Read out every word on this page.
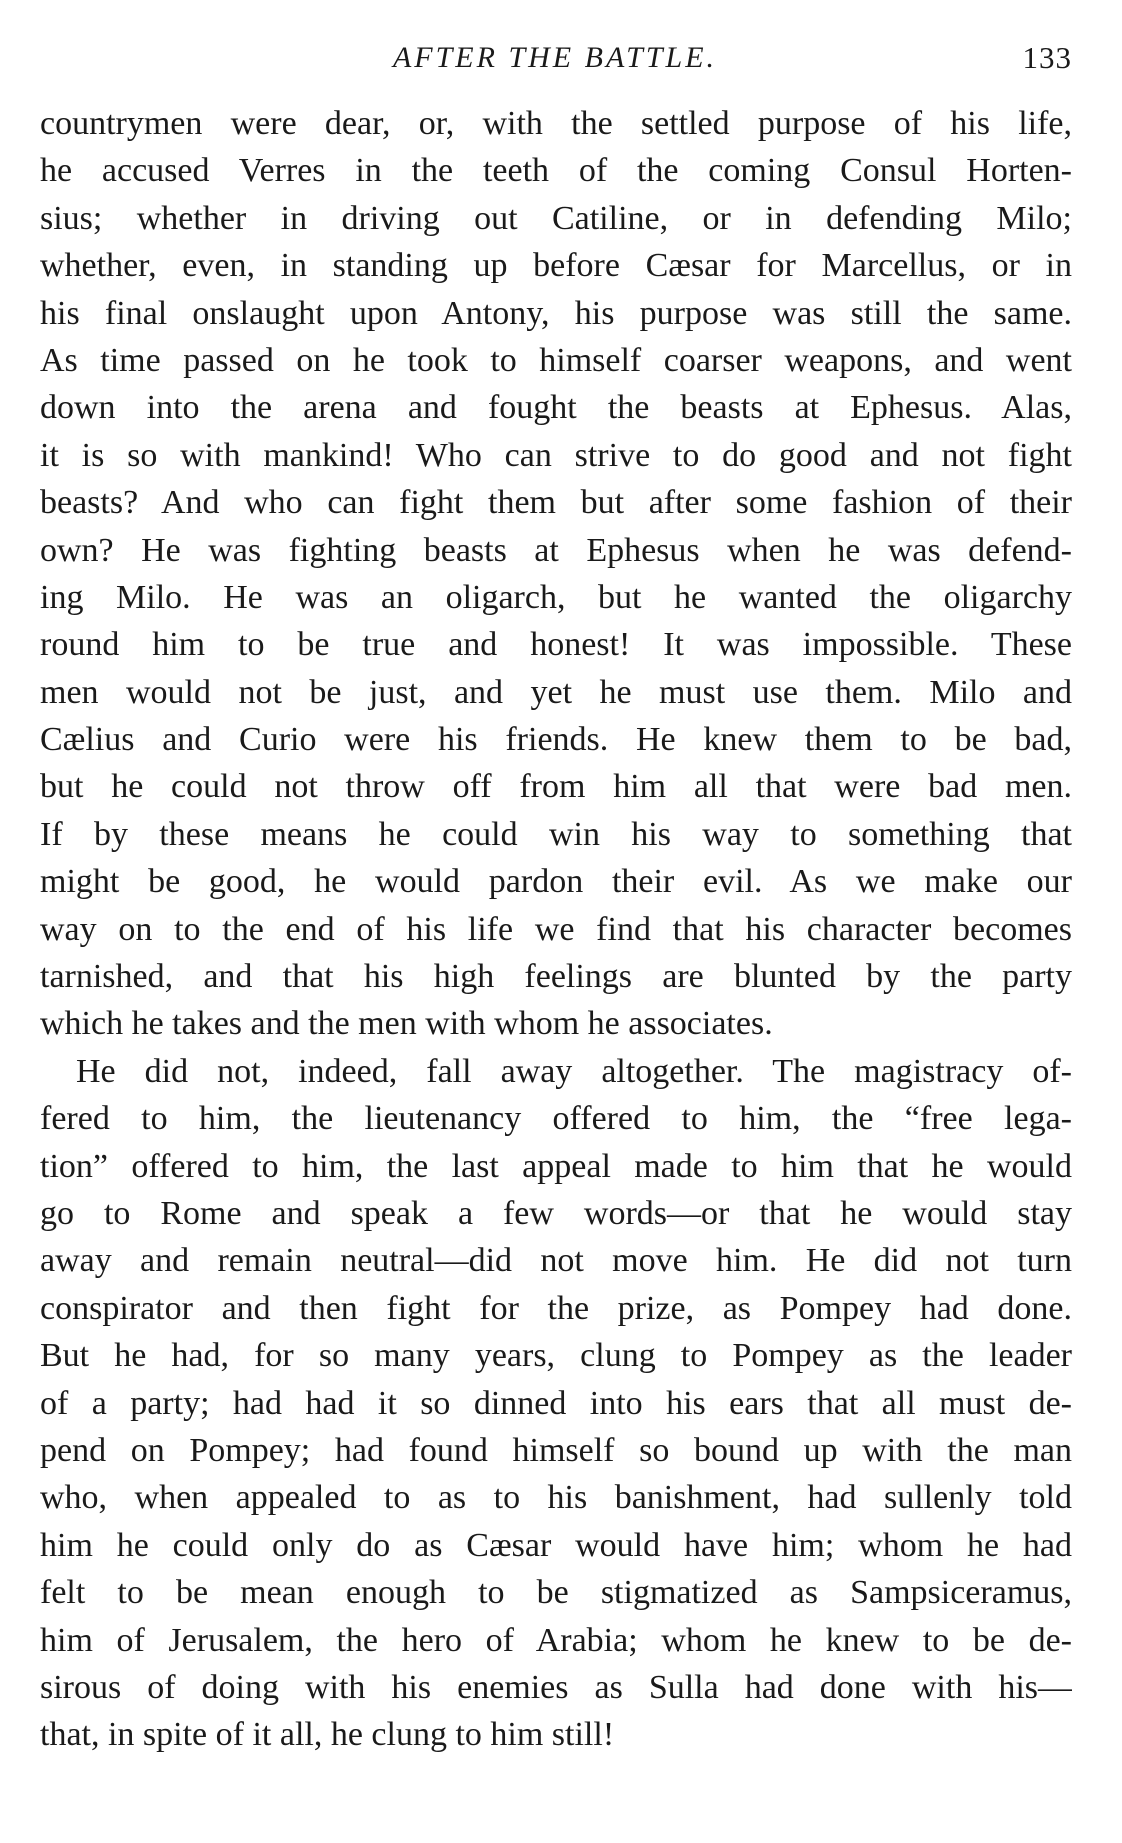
AFTER THE BATTLE.	133
countrymen were dear, or, with the settled purpose of his life,
he accused Verres in the teeth of the coming Consul Horten-
sius; whether in driving out Catiline, or in defending Milo;
whether, even, in standing up before Cæsar for Marcellus, or in
his final onslaught upon Antony, his purpose was still the same.
As time passed on he took to himself coarser weapons, and went
down into the arena and fought the beasts at Ephesus. Alas,
it is so with mankind! Who can strive to do good and not fight
beasts? And who can fight them but after some fashion of their
own? He was fighting beasts at Ephesus when he was defend-
ing Milo. He was an oligarch, but he wanted the oligarchy
round him to be true and honest! It was impossible. These
men would not be just, and yet he must use them. Milo and
Cælius and Curio were his friends. He knew them to be bad,
but he could not throw off from him all that were bad men.
If by these means he could win his way to something that
might be good, he would pardon their evil. As we make our
way on to the end of his life we find that his character becomes
tarnished, and that his high feelings are blunted by the party
which he takes and the men with whom he associates.
He did not, indeed, fall away altogether. The magistracy of-
fered to him, the lieutenancy offered to him, the “free lega-
tion” offered to him, the last appeal made to him that he would
go to Rome and speak a few words—or that he would stay
away and remain neutral—did not move him. He did not turn
conspirator and then fight for the prize, as Pompey had done.
But he had, for so many years, clung to Pompey as the leader
of a party; had had it so dinned into his ears that all must de-
pend on Pompey; had found himself so bound up with the man
who, when appealed to as to his banishment, had sullenly told
him he could only do as Cæsar would have him; whom he had
felt to be mean enough to be stigmatized as Sampsiceramus,
him of Jerusalem, the hero of Arabia; whom he knew to be de-
sirous of doing with his enemies as Sulla had done with his—
that, in spite of it all, he clung to him still!
